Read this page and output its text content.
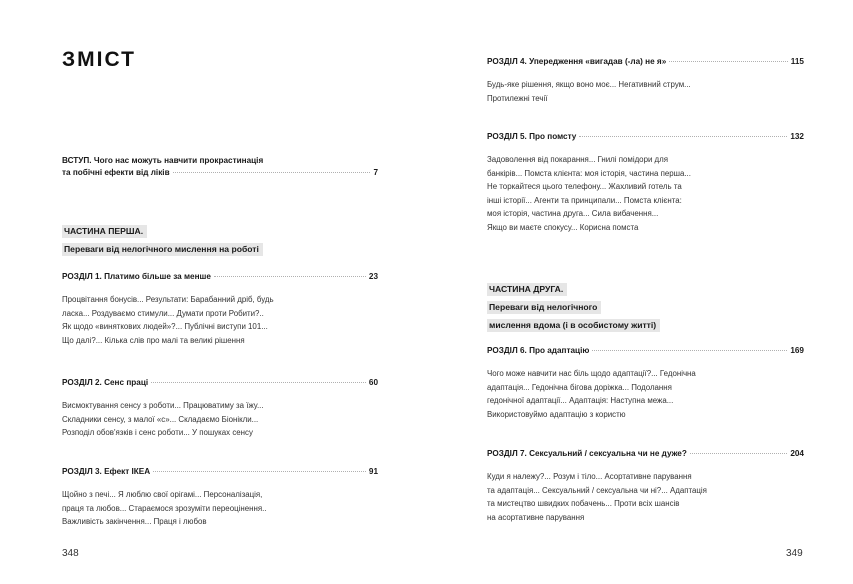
ЗМІСТ
ВСТУП. Чого нас можуть навчити прокрастинація
та побічні ефекти від ліків	7
ЧАСТИНА ПЕРША.
Переваги від нелогічного мислення на роботі
РОЗДІЛ 1. Платимо більше за менше	23
Процвітання бонусів... Результати: Барабанний дріб, будь
ласка... Роздуваємо стимули... Думати проти Робити?..
Як щодо «виняткових людей»?... Публічні виступи 101...
Що далі?... Кілька слів про малі та великі рішення
РОЗДІЛ 2. Сенс праці	60
Висмоктування сенсу з роботи... Працюватиму за їжу...
Складники сенсу, з малої «с»... Складаємо Біонікли...
Розподіл обов'язків і сенс роботи... У пошуках сенсу
РОЗДІЛ 3. Ефект ІКЕА	91
Щойно з печі... Я люблю свої орігамі... Персоналізація,
праця та любов... Стараємося зрозуміти переоцінення..
Важливість закінчення... Праця і любов
РОЗДІЛ 4. Упередження «вигадав (-ла) не я»	115
Будь-яке рішення, якщо воно моє... Негативний струм...
Протилежні течії
РОЗДІЛ 5. Про помсту	132
Задоволення від покарання... Гнилі помідори для
банкірів... Помста клієнта: моя історія, частина перша...
Не торкайтеся цього телефону... Жахливий готель та
інші історії... Агенти та принципали... Помста клієнта:
моя історія, частина друга... Сила вибачення...
Якщо ви маєте спокусу... Корисна помста
ЧАСТИНА ДРУГА.
Переваги від нелогічного
мислення вдома (і в особистому житті)
РОЗДІЛ 6. Про адаптацію	169
Чого може навчити нас біль щодо адаптації?... Гедонічна
адаптація... Гедонічна бігова доріжка... Подолання
гедонічної адаптації... Адаптація: Наступна межа...
Використовуймо адаптацію з користю
РОЗДІЛ 7. Сексуальний / сексуальна чи не дуже?	204
Куди я належу?... Розум і тіло... Асортативне парування
та адаптація... Сексуальний / сексуальна чи ні?... Адаптація
та мистецтво швидких побачень... Проти всіх шансів
на асортативне парування
348	349
